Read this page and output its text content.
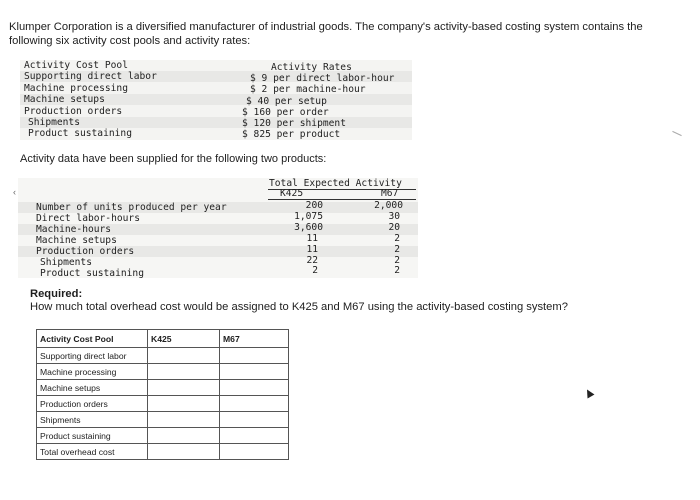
Klumper Corporation is a diversified manufacturer of industrial goods. The company's activity-based costing system contains the
following six activity cost pools and activity rates:

Activity Cost Pool	Activity Rates
Supporting direct labor	$ 9 per direct labor-hour
Machine processing	$ 2 per machine-hour
Machine setups	$ 40 per setup
Production orders	$ 160 per order
Shipments	$ 120 per shipment
Product sustaining	$ 825 per product

Activity data have been supplied for the following two products:

Total Expected Activity
K425	M67
Number of units produced per year	200	2,000
Direct labor-hours	1,075	30
Machine-hours	3,600	20
Machine setups	11	2
Production orders	11	2
Shipments	22	2
Product sustaining	2	2

Required:

How much total overhead cost would be assigned to K425 and M67 using the activity-based costing system?

Activity Cost Pool	K425	M67
Supporting direct labor		
Machine processing		
Machine setups		
Production orders		
Shipments		
Product sustaining		
Total overhead cost		
‹
